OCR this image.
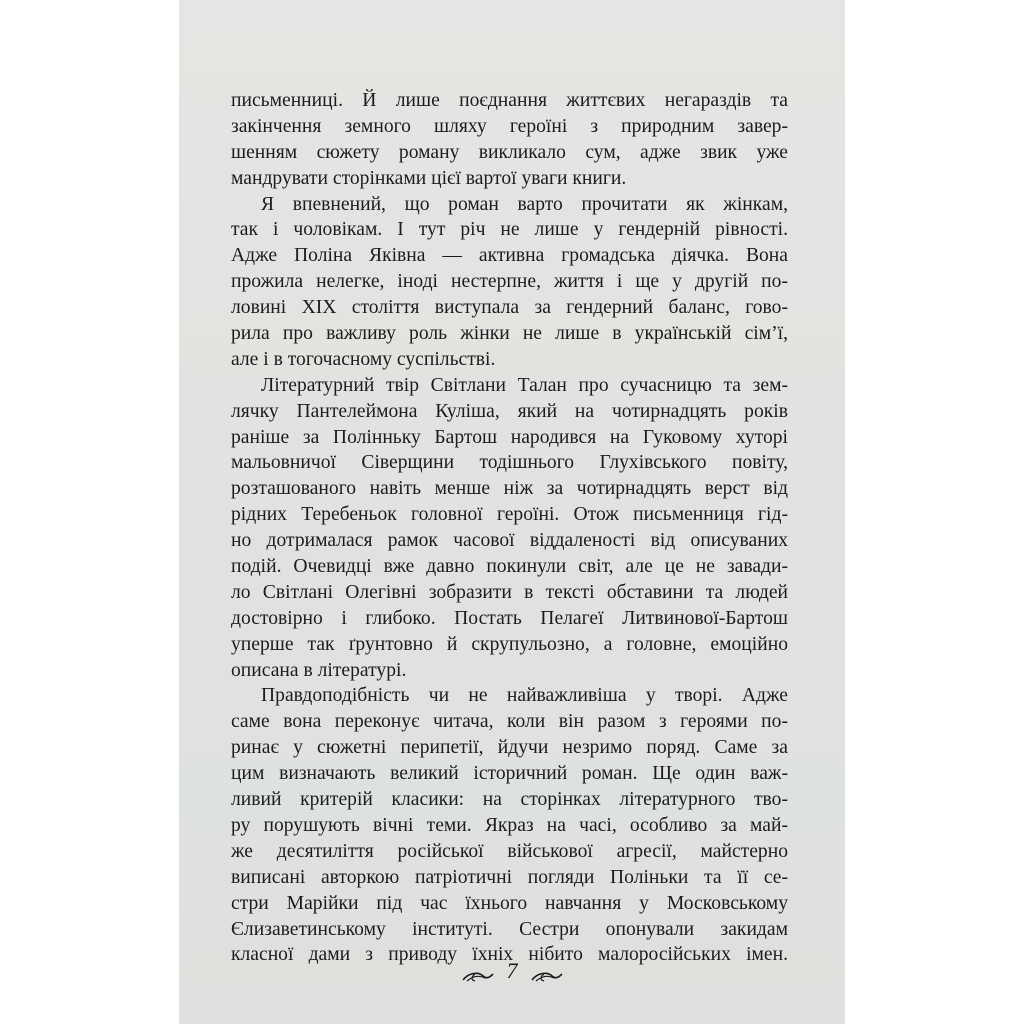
письменниці. Й лише поєднання життєвих негараздів та
закінчення земного шляху героїні з природним завер-
шенням сюжету роману викликало сум, адже звик уже
мандрувати сторінками цієї вартої уваги книги.
Я впевнений, що роман варто прочитати як жінкам,
так і чоловікам. І тут річ не лише у гендерній рівності.
Адже Поліна Яківна — активна громадська діячка. Вона
прожила нелегке, іноді нестерпне, життя і ще у другій по-
ловині XIX століття виступала за гендерний баланс, гово-
рила про важливу роль жінки не лише в українській сім’ї,
але і в тогочасному суспільстві.
Літературний твір Світлани Талан про сучасницю та зем-
лячку Пантелеймона Куліша, який на чотирнадцять років
раніше за Полінньку Бартош народився на Гуковому хуторі
мальовничої Сіверщини тодішнього Глухівського повіту,
розташованого навіть менше ніж за чотирнадцять верст від
рідних Теребеньок головної героїні. Отож письменниця гід-
но дотрималася рамок часової віддаленості від описуваних
подій. Очевидці вже давно покинули світ, але це не завади-
ло Світлані Олегівні зобразити в тексті обставини та людей
достовірно і глибоко. Постать Пелагеї Литвинової-Бартош
уперше так ґрунтовно й скрупульозно, а головне, емоційно
описана в літературі.
Правдоподібність чи не найважливіша у творі. Адже
саме вона переконує читача, коли він разом з героями по-
ринає у сюжетні перипетії, йдучи незримо поряд. Саме за
цим визначають великий історичний роман. Ще один важ-
ливий критерій класики: на сторінках літературного тво-
ру порушують вічні теми. Якраз на часі, особливо за май-
же десятиліття російської військової агресії, майстерно
виписані авторкою патріотичні погляди Поліньки та її се-
стри Марійки під час їхнього навчання у Московському
Єлизаветинському інституті. Сестри опонували закидам
класної дами з приводу їхніх нібито малоросійських імен.
7
